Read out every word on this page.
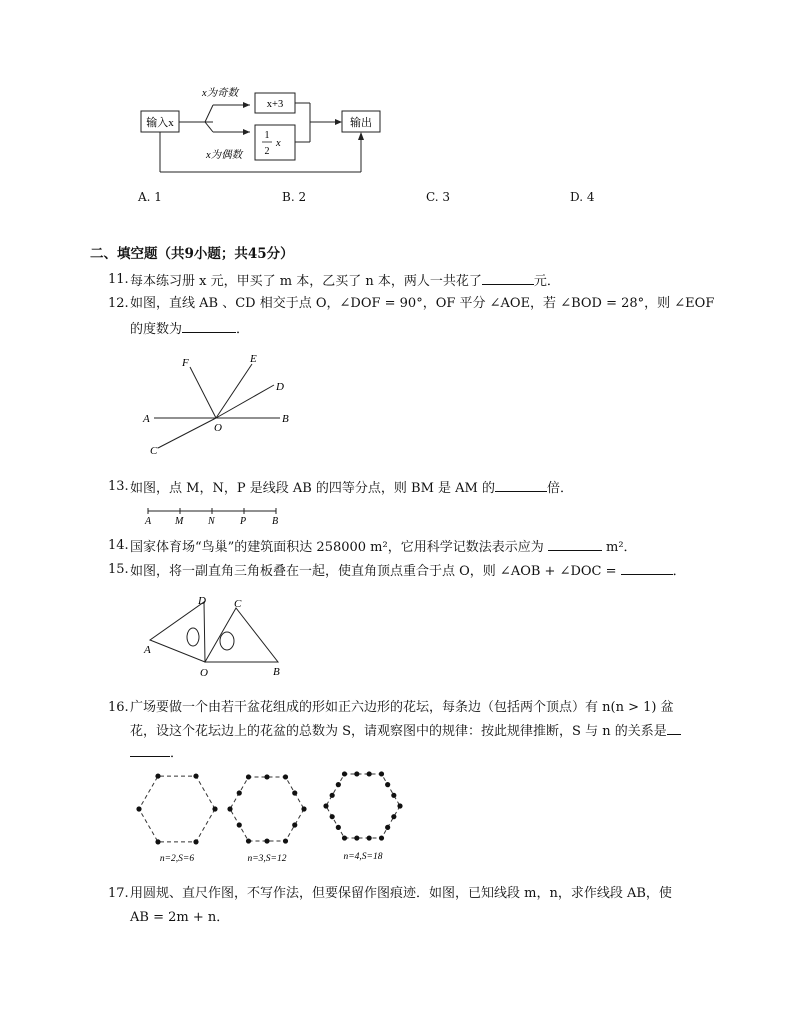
输入x
x+3
1
2
x
输出
x为奇数
x为偶数
A. 1	B. 2	C. 3	D. 4
二、填空题（共9小题；共45分）
11. 每本练习册 x 元，甲买了 m 本，乙买了 n 本，两人一共花了	元．
12. 如图，直线 AB 、CD 相交于点 O，∠DOF = 90°，OF 平分 ∠AOE，若 ∠BOD = 28°，则 ∠EOF
的度数为	．
F	E
D
A
O
B
C
13. 如图，点 M，N，P 是线段 AB 的四等分点，则 BM 是 AM 的	倍．
A M N	P	B
14. 国家体育场“鸟巢”的建筑面积达 258000 m²，它用科学记数法表示应为	m²．
15. 如图，将一副直角三角板叠在一起，使直角顶点重合于点 O，则 ∠AOB + ∠DOC =	．
D	C
A
O	B
16. 广场要做一个由若干盆花组成的形如正六边形的花坛，每条边（包括两个顶点）有 n(n > 1) 盆
花，设这个花坛边上的花盆的总数为 S，请观察图中的规律：按此规律推断，S 与 n 的关系是
．
n=2,S=6	n=3,S=12	n=4,S=18
17. 用圆规、直尺作图，不写作法，但要保留作图痕迹．如图，已知线段 m，n，求作线段 AB，使
AB = 2m + n．
